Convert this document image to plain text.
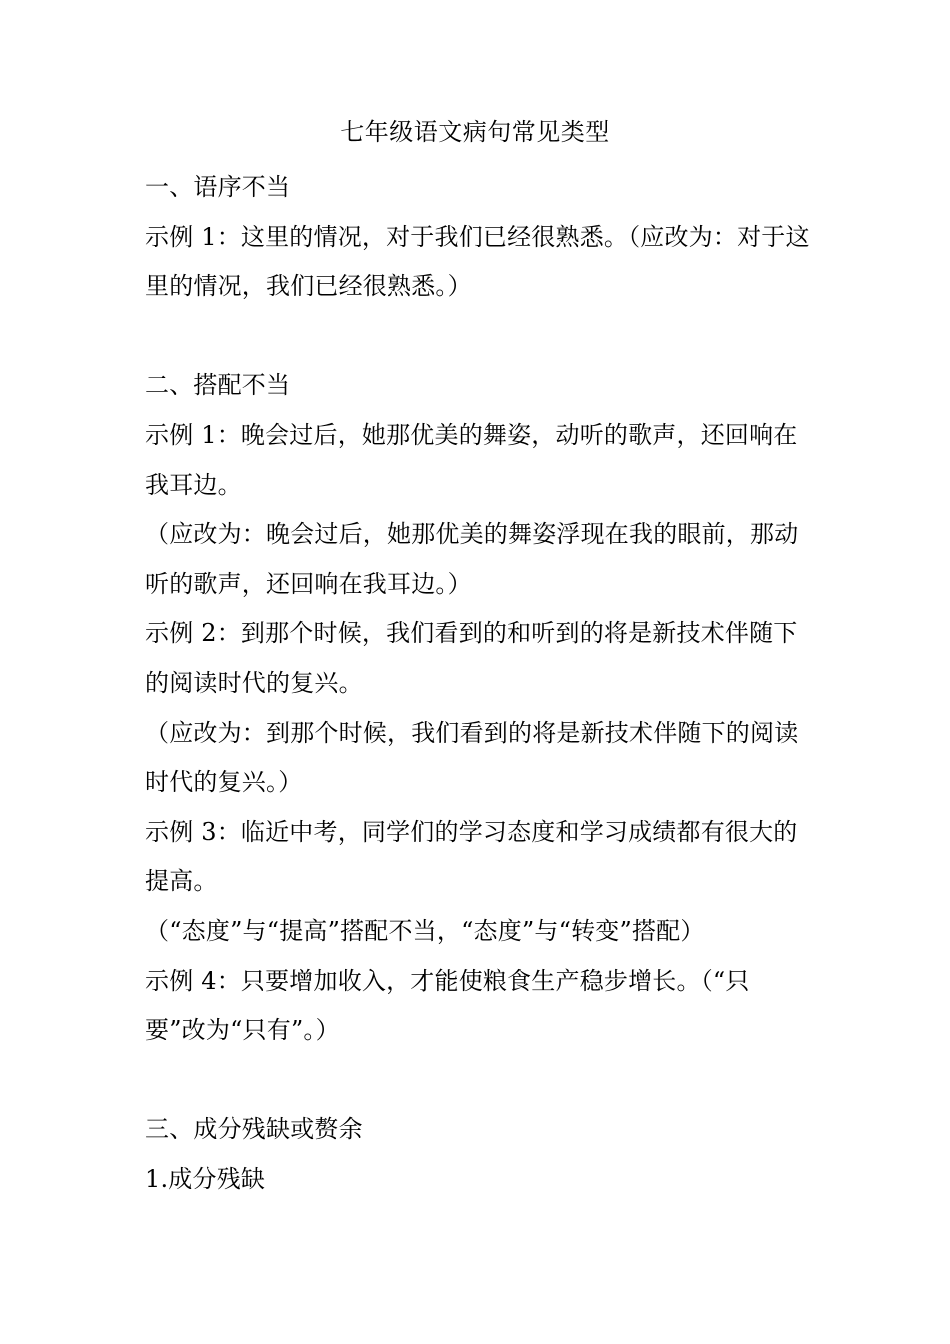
七年级语文病句常见类型

一、语序不当

示例 1：这里的情况，对于我们已经很熟悉。（应改为：对于这里的情况，我们已经很熟悉。）

二、搭配不当

示例 1：晚会过后，她那优美的舞姿，动听的歌声，还回响在我耳边。

（应改为：晚会过后，她那优美的舞姿浮现在我的眼前，那动听的歌声，还回响在我耳边。）

示例 2：到那个时候，我们看到的和听到的将是新技术伴随下的阅读时代的复兴。

（应改为：到那个时候，我们看到的将是新技术伴随下的阅读时代的复兴。）

示例 3：临近中考，同学们的学习态度和学习成绩都有很大的提高。

（“态度”与“提高”搭配不当，“态度”与“转变”搭配）

示例 4：只要增加收入，才能使粮食生产稳步增长。（“只要”改为“只有”。）

三、成分残缺或赘余

1.成分残缺
